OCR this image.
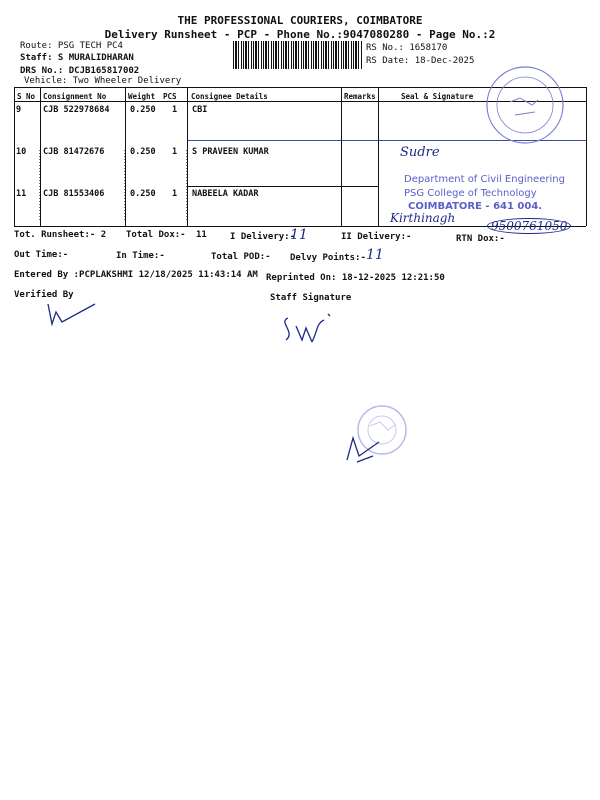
THE PROFESSIONAL COURIERS, COIMBATORE
Delivery Runsheet - PCP - Phone No.:9047080280 - Page No.:2
Route: PSG TECH PC4
Staff: S MURALIDHARAN
DRS No.: DCJB165817002
Vehicle: Two Wheeler Delivery
RS No.: 1658170
RS Date: 18-Dec-2025
S No Consignment No	Weight PCS Consignee Details	Remarks	Seal & Signature
9	CJB 522978684 0.250 1 CBI
10 CJB 81472676	0.250 1 S PRAVEEN KUMAR
11 CJB 81553406	0.250 1 NABEELA KADAR
Sudre
Department of Civil Engineering
PSG College of Technology
COIMBATORE - 641 004.
Kirthinagh
9500761050
Tot. Runsheet:- 2 Total Dox:- 11	I Delivery:-
11	II Delivery:-	RTN Dox:-
Out Time:-	In Time:-	Total POD:- Delvy Points:- 11
Entered By :PCPLAKSHMI 12/18/2025 11:43:14 AM Reprinted On: 18-12-2025 12:21:50
Verified By	Staff Signature
